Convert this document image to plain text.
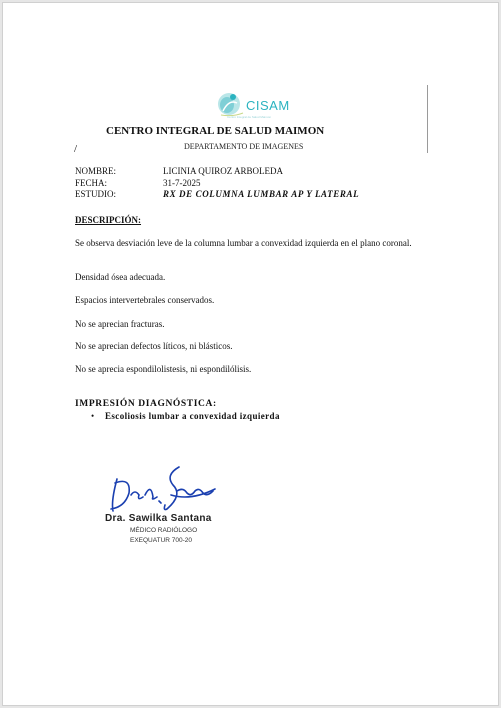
CISAM
Centro Integral de Salud Maimon
CENTRO INTEGRAL DE SALUD MAIMON
DEPARTAMENTO DE IMAGENES
/
NOMBRE:	LICINIA QUIROZ ARBOLEDA
FECHA:	31-7-2025
ESTUDIO:	RX DE COLUMNA LUMBAR AP Y LATERAL
DESCRIPCIÓN:
Se observa desviación leve de la columna lumbar a convexidad izquierda en el plano coronal.
Densidad ósea adecuada.
Espacios intervertebrales conservados.
No se aprecian fracturas.
No se aprecian defectos líticos, ni blásticos.
No se aprecia espondilolistesis, ni espondilólisis.
IMPRESIÓN DIAGNÓSTICA:
• Escoliosis lumbar a convexidad izquierda
Dra. Sawilka Santana
MÉDICO RADIÓLOGO
EXEQUATUR 700-20
